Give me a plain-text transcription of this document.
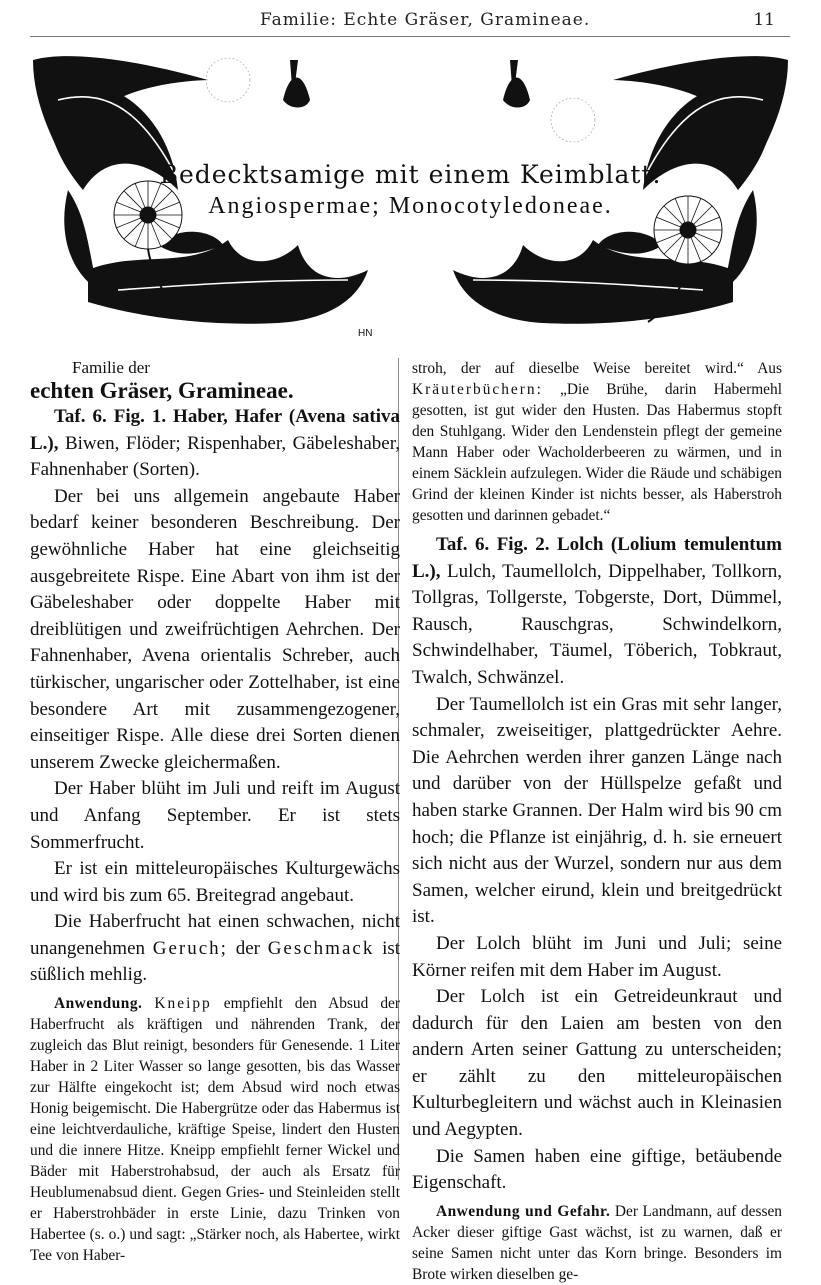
Familie: Echte Gräser, Gramineae.	11
HN
Bedecktsamige mit einem Keimblatt.
Angiospermae; Monocotyledoneae.

Familie der

echten Gräser, Gramineae.

Taf. 6. Fig. 1. Haber, Hafer (Avena sativa L.), Biwen, Flöder; Rispenhaber, Gäbeleshaber, Fahnenhaber (Sorten).

Der bei uns allgemein angebaute Haber bedarf keiner besonderen Beschreibung. Der gewöhnliche Haber hat eine gleichseitig ausgebreitete Rispe. Eine Abart von ihm ist der Gäbeleshaber oder doppelte Haber mit dreiblütigen und zweifrüchtigen Aehrchen. Der Fahnenhaber, Avena orientalis Schreber, auch türkischer, ungarischer oder Zottelhaber, ist eine besondere Art mit zusammengezogener, einseitiger Rispe. Alle diese drei Sorten dienen unserem Zwecke gleichermaßen.

Der Haber blüht im Juli und reift im August und Anfang September. Er ist stets Sommerfrucht.

Er ist ein mitteleuropäisches Kulturgewächs und wird bis zum 65. Breitegrad angebaut.

Die Haberfrucht hat einen schwachen, nicht unangenehmen Geruch; der Geschmack ist süßlich mehlig.

Anwendung. Kneipp empfiehlt den Absud der Haberfrucht als kräftigen und nährenden Trank, der zugleich das Blut reinigt, besonders für Genesende. 1 Liter Haber in 2 Liter Wasser so lange gesotten, bis das Wasser zur Hälfte eingekocht ist; dem Absud wird noch etwas Honig beigemischt. Die Habergrütze oder das Habermus ist eine leichtverdauliche, kräftige Speise, lindert den Husten und die innere Hitze. Kneipp empfiehlt ferner Wickel und Bäder mit Haberstrohabsud, der auch als Ersatz für Heublumenabsud dient. Gegen Gries- und Steinleiden stellt er Haberstrohbäder in erste Linie, dazu Trinken von Habertee (s. o.) und sagt: „Stärker noch, als Habertee, wirkt Tee von Haber-

stroh, der auf dieselbe Weise bereitet wird.“ Aus Kräuterbüchern: „Die Brühe, darin Habermehl gesotten, ist gut wider den Husten. Das Habermus stopft den Stuhlgang. Wider den Lendenstein pflegt der gemeine Mann Haber oder Wacholderbeeren zu wärmen, und in einem Säcklein aufzulegen. Wider die Räude und schäbigen Grind der kleinen Kinder ist nichts besser, als Haberstroh gesotten und darinnen gebadet.“

Taf. 6. Fig. 2. Lolch (Lolium temulentum L.), Lulch, Taumellolch, Dippelhaber, Tollkorn, Tollgras, Tollgerste, Tobgerste, Dort, Dümmel, Rausch, Rauschgras, Schwindelkorn, Schwindelhaber, Täumel, Töberich, Tobkraut, Twalch, Schwänzel.

Der Taumellolch ist ein Gras mit sehr langer, schmaler, zweiseitiger, plattgedrückter Aehre. Die Aehrchen werden ihrer ganzen Länge nach und darüber von der Hüllspelze gefaßt und haben starke Grannen. Der Halm wird bis 90 cm hoch; die Pflanze ist einjährig, d. h. sie erneuert sich nicht aus der Wurzel, sondern nur aus dem Samen, welcher eirund, klein und breitgedrückt ist.

Der Lolch blüht im Juni und Juli; seine Körner reifen mit dem Haber im August.

Der Lolch ist ein Getreideunkraut und dadurch für den Laien am besten von den andern Arten seiner Gattung zu unterscheiden; er zählt zu den mitteleuropäischen Kulturbegleitern und wächst auch in Kleinasien und Aegypten.

Die Samen haben eine giftige, betäubende Eigenschaft.

Anwendung und Gefahr. Der Landmann, auf dessen Acker dieser giftige Gast wächst, ist zu warnen, daß er seine Samen nicht unter das Korn bringe. Besonders im Brote wirken dieselben ge-
